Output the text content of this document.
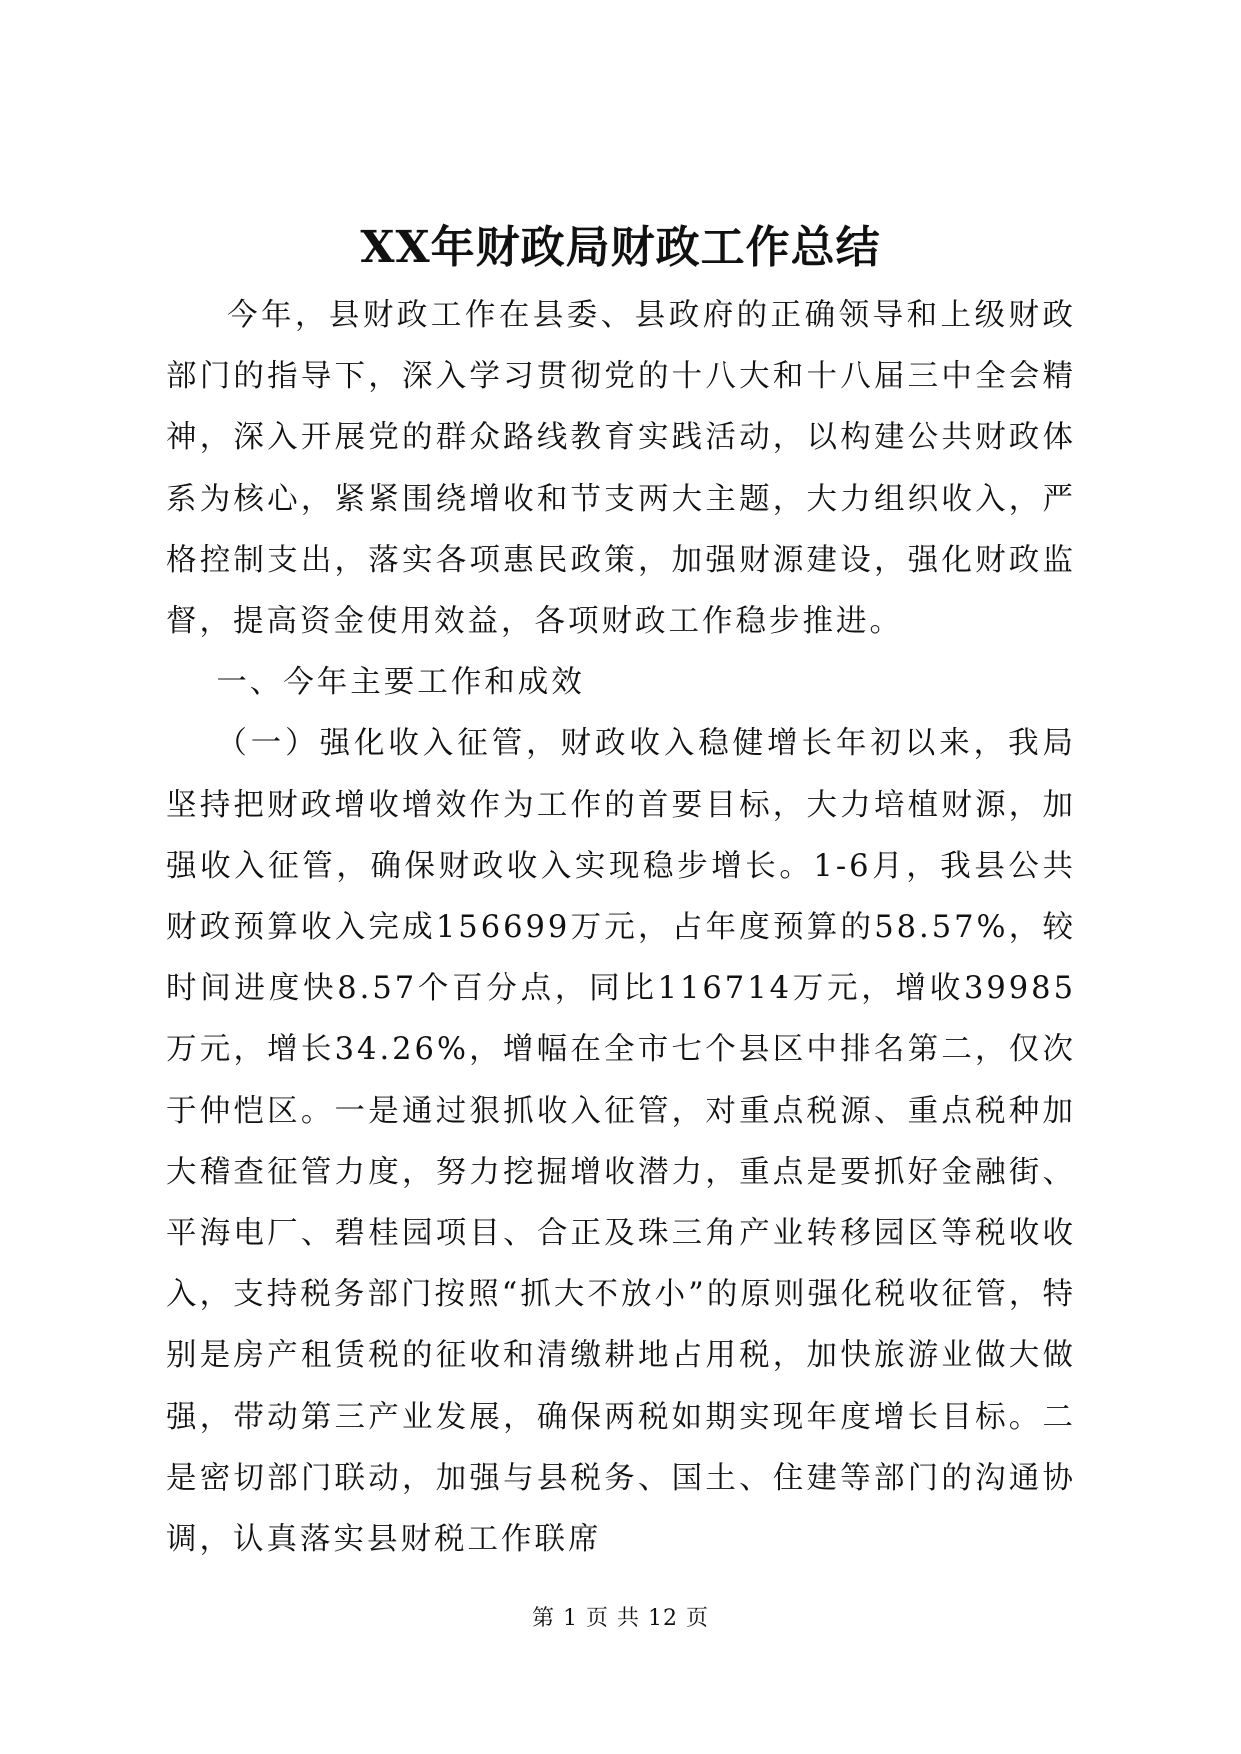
XX年财政局财政工作总结

今年，县财政工作在县委、县政府的正确领导和上级财政部门的指导下，深入学习贯彻党的十八大和十八届三中全会精神，深入开展党的群众路线教育实践活动，以构建公共财政体系为核心，紧紧围绕增收和节支两大主题，大力组织收入，严格控制支出，落实各项惠民政策，加强财源建设，强化财政监督，提高资金使用效益，各项财政工作稳步推进。

一、今年主要工作和成效

（一）强化收入征管，财政收入稳健增长年初以来，我局坚持把财政增收增效作为工作的首要目标，大力培植财源，加强收入征管，确保财政收入实现稳步增长。1-6月，我县公共财政预算收入完成156699万元，占年度预算的58.57%，较时间进度快8.57个百分点，同比116714万元，增收39985万元，增长34.26%，增幅在全市七个县区中排名第二，仅次于仲恺区。一是通过狠抓收入征管，对重点税源、重点税种加大稽查征管力度，努力挖掘增收潜力，重点是要抓好金融街、平海电厂、碧桂园项目、合正及珠三角产业转移园区等税收收入，支持税务部门按照“抓大不放小”的原则强化税收征管，特别是房产租赁税的征收和清缴耕地占用税，加快旅游业做大做强，带动第三产业发展，确保两税如期实现年度增长目标。二是密切部门联动，加强与县税务、国土、住建等部门的沟通协调，认真落实县财税工作联席

第 1 页 共 12 页
